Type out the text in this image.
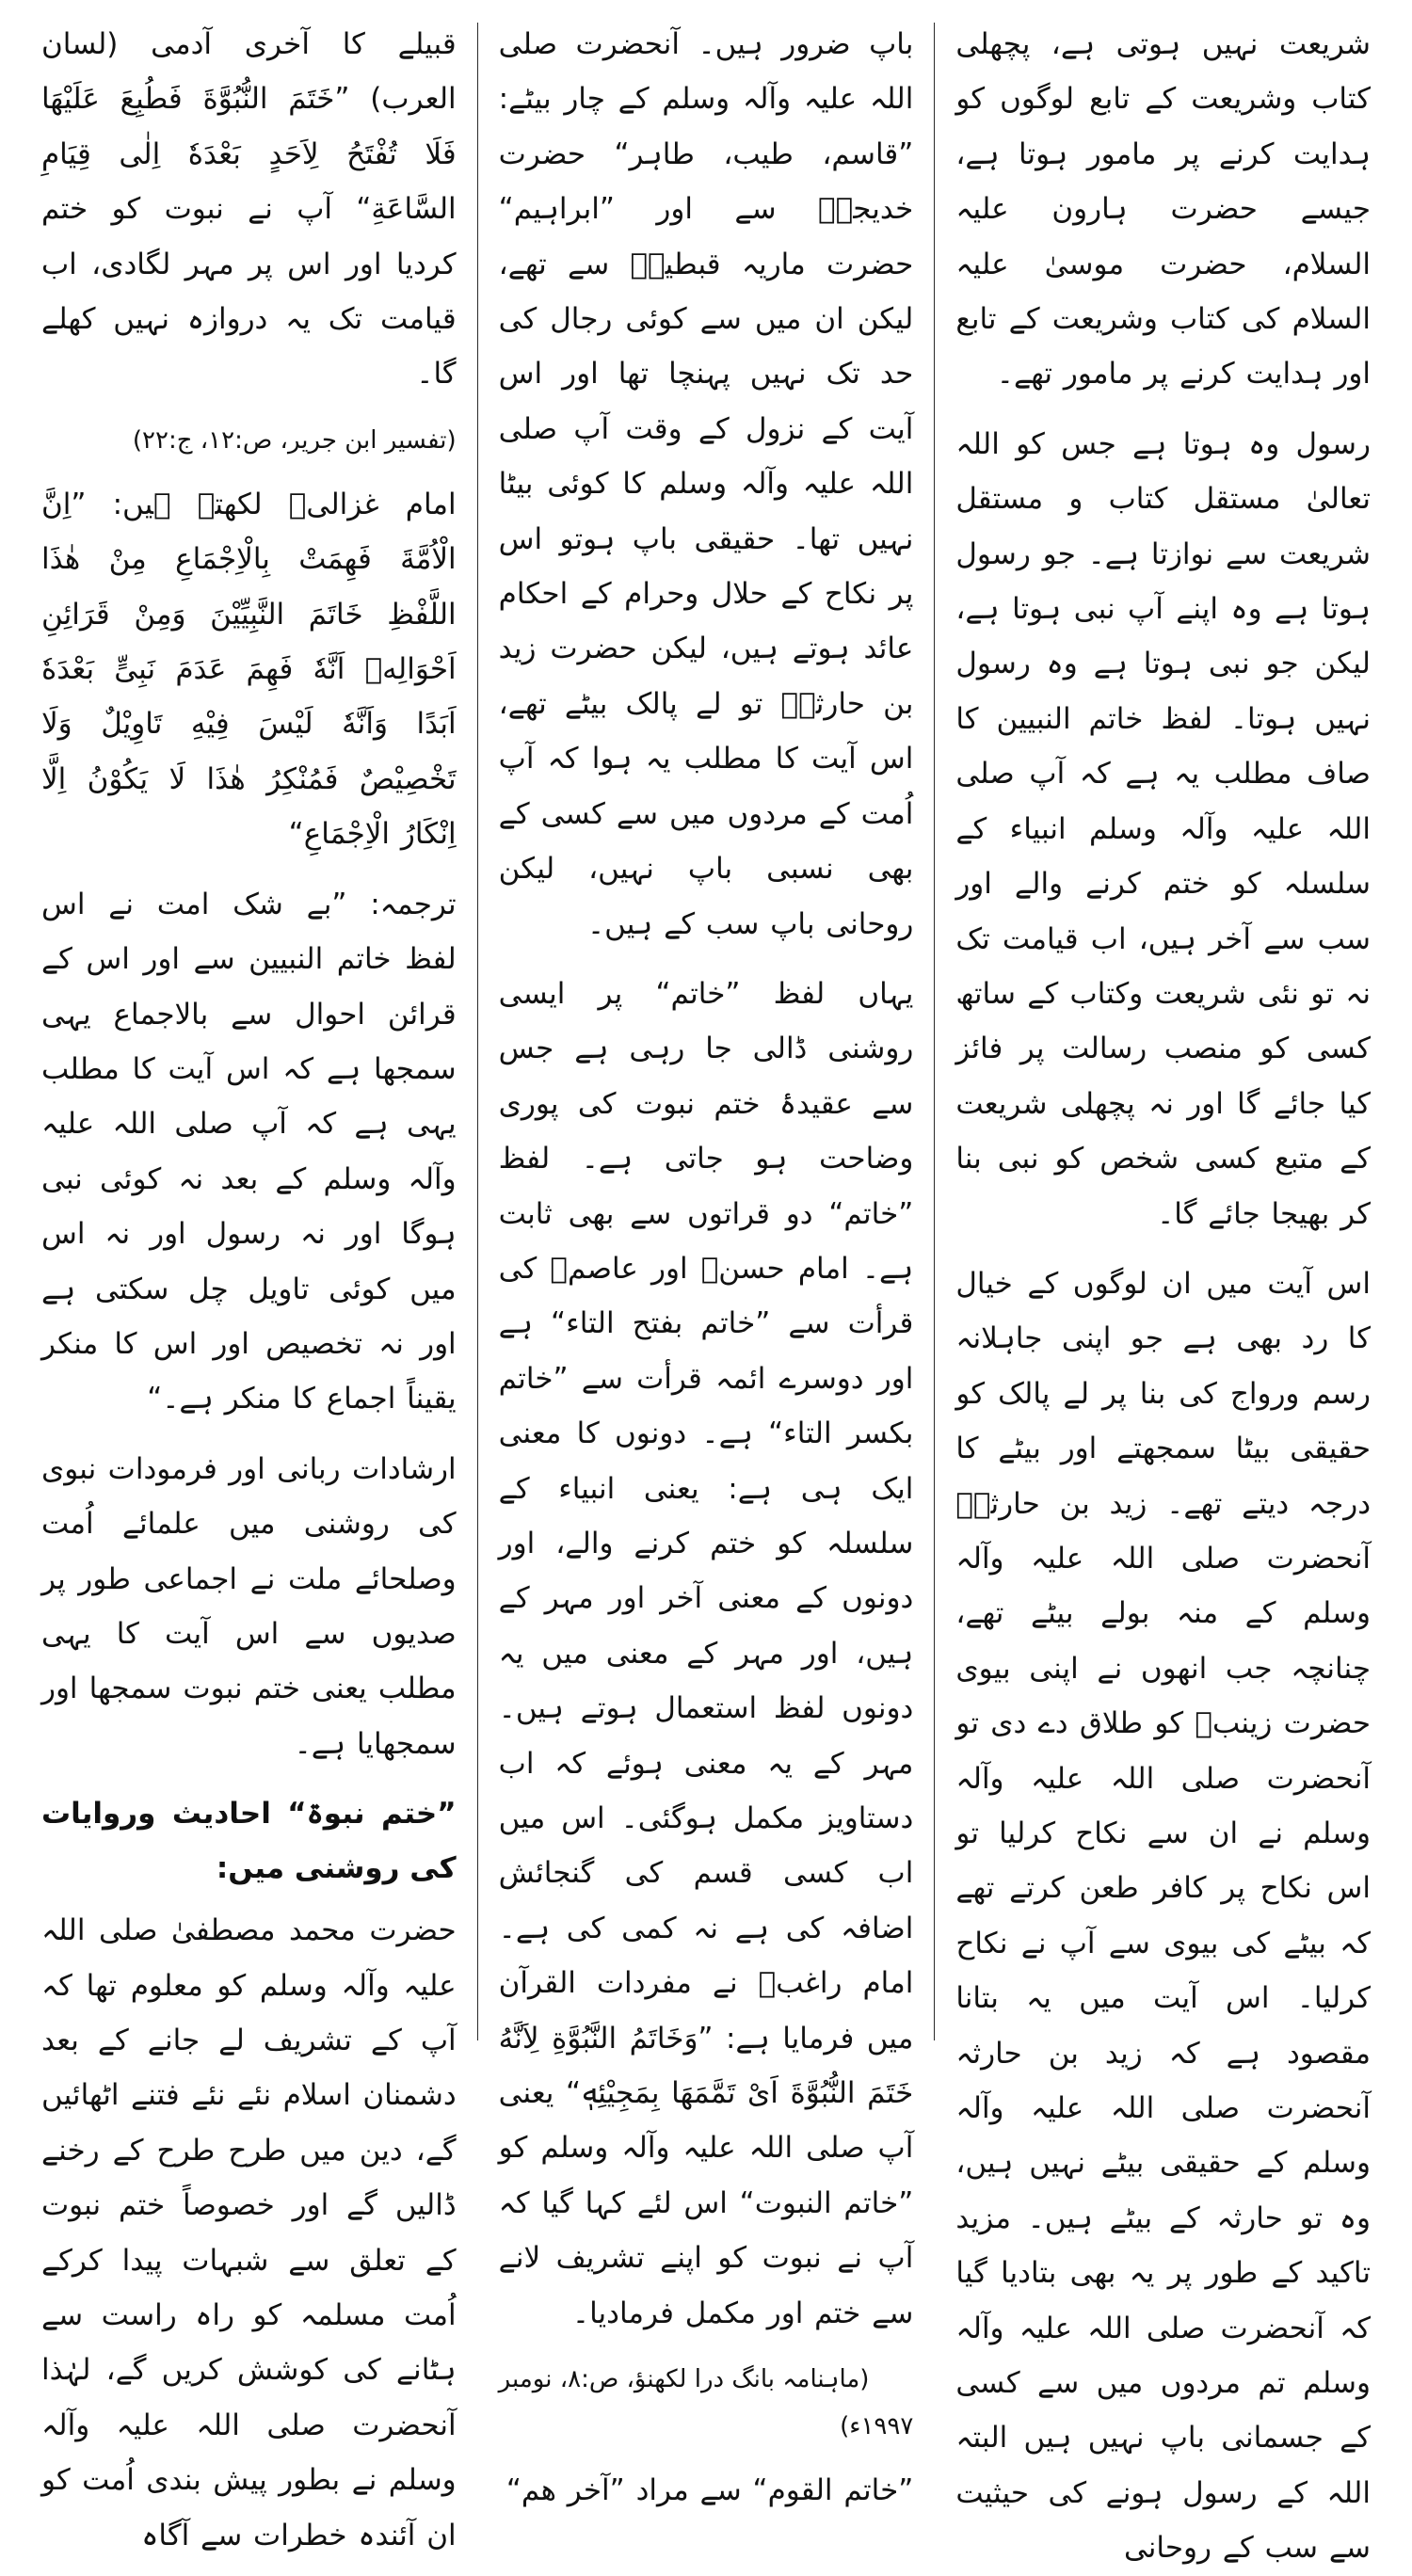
شریعت نہیں ہوتی ہے، پچھلی کتاب وشریعت کے تابع لوگوں کو ہدایت کرنے پر مامور ہوتا ہے، جیسے حضرت ہارون علیہ السلام، حضرت موسیٰ علیہ السلام کی کتاب وشریعت کے تابع اور ہدایت کرنے پر مامور تھے۔

رسول وہ ہوتا ہے جس کو اللہ تعالیٰ مستقل کتاب و مستقل شریعت سے نوازتا ہے۔ جو رسول ہوتا ہے وہ اپنے آپ نبی ہوتا ہے، لیکن جو نبی ہوتا ہے وہ رسول نہیں ہوتا۔ لفظ خاتم النبیین کا صاف مطلب یہ ہے کہ آپ صلی اللہ علیہ وآلہ وسلم انبیاء کے سلسلہ کو ختم کرنے والے اور سب سے آخر ہیں، اب قیامت تک نہ تو نئی شریعت وکتاب کے ساتھ کسی کو منصب رسالت پر فائز کیا جائے گا اور نہ پچھلی شریعت کے متبع کسی شخص کو نبی بنا کر بھیجا جائے گا۔

اس آیت میں ان لوگوں کے خیال کا رد بھی ہے جو اپنی جاہلانہ رسم ورواج کی بنا پر لے پالک کو حقیقی بیٹا سمجھتے اور بیٹے کا درجہ دیتے تھے۔ زید بن حارثہؓ آنحضرت صلی اللہ علیہ وآلہ وسلم کے منہ بولے بیٹے تھے، چنانچہ جب انھوں نے اپنی بیوی حضرت زینبؓ کو طلاق دے دی تو آنحضرت صلی اللہ علیہ وآلہ وسلم نے ان سے نکاح کرلیا تو اس نکاح پر کافر طعن کرتے تھے کہ بیٹے کی بیوی سے آپ نے نکاح کرلیا۔ اس آیت میں یہ بتانا مقصود ہے کہ زید بن حارثہ آنحضرت صلی اللہ علیہ وآلہ وسلم کے حقیقی بیٹے نہیں ہیں، وہ تو حارثہ کے بیٹے ہیں۔ مزید تاکید کے طور پر یہ بھی بتادیا گیا کہ آنحضرت صلی اللہ علیہ وآلہ وسلم تم مردوں میں سے کسی کے جسمانی باپ نہیں ہیں البتہ اللہ کے رسول ہونے کی حیثیت سے سب کے روحانی

باپ ضرور ہیں۔ آنحضرت صلی اللہ علیہ وآلہ وسلم کے چار بیٹے: ”قاسم، طیب، طاہر“ حضرت خدیجہؓ سے اور ”ابراہیم“ حضرت ماریہ قبطیہؓ سے تھے، لیکن ان میں سے کوئی رجال کی حد تک نہیں پہنچا تھا اور اس آیت کے نزول کے وقت آپ صلی اللہ علیہ وآلہ وسلم کا کوئی بیٹا نہیں تھا۔ حقیقی باپ ہوتو اس پر نکاح کے حلال وحرام کے احکام عائد ہوتے ہیں، لیکن حضرت زید بن حارثہؓ تو لے پالک بیٹے تھے، اس آیت کا مطلب یہ ہوا کہ آپ اُمت کے مردوں میں سے کسی کے بھی نسبی باپ نہیں، لیکن روحانی باپ سب کے ہیں۔

یہاں لفظ ”خاتم“ پر ایسی روشنی ڈالی جا رہی ہے جس سے عقیدۂ ختم نبوت کی پوری وضاحت ہو جاتی ہے۔ لفظ ”خاتم“ دو قراتوں سے بھی ثابت ہے۔ امام حسنؒ اور عاصمؒ کی قرأت سے ”خاتم بفتح التاء“ ہے اور دوسرے ائمہ قرأت سے ”خاتم بکسر التاء“ ہے۔ دونوں کا معنی ایک ہی ہے: یعنی انبیاء کے سلسلہ کو ختم کرنے والے، اور دونوں کے معنی آخر اور مہر کے ہیں، اور مہر کے معنی میں یہ دونوں لفظ استعمال ہوتے ہیں۔ مہر کے یہ معنی ہوئے کہ اب دستاویز مکمل ہوگئی۔ اس میں اب کسی قسم کی گنجائش اضافہ کی ہے نہ کمی کی ہے۔ امام راغبؒ نے مفردات القرآن میں فرمایا ہے: ”وَخَاتَمُ النَّبُوَّةِ لِاَنَّهُ خَتَمَ النُّبُوَّةَ اَیْ تَمَّمَهَا بِمَجِیْئِهٖ“ یعنی آپ صلی اللہ علیہ وآلہ وسلم کو ”خاتم النبوت“ اس لئے کہا گیا کہ آپ نے نبوت کو اپنے تشریف لانے سے ختم اور مکمل فرمادیا۔

(ماہنامہ بانگ درا لکھنؤ، ص:۸، نومبر ۱۹۹۷ء)

”خاتم القوم“ سے مراد ”آخر ھم“

قبیلے کا آخری آدمی (لسان العرب) ”خَتَمَ النُّبُوَّةَ فَطُبِعَ عَلَیْهَا فَلَا تُفْتَحُ لِاَحَدٍ بَعْدَهٗ اِلٰی قِیَامِ السَّاعَةِ“ آپ نے نبوت کو ختم کردیا اور اس پر مہر لگادی، اب قیامت تک یہ دروازہ نہیں کھلے گا۔

(تفسیر ابن جریر، ص:۱۲، ج:۲۲)

امام غزالیؒ لکھتے ہیں: ”اِنَّ الْاُمَّةَ فَهِمَتْ بِالْاِجْمَاعِ مِنْ هٰذَا اللَّفْظِ خَاتَمَ النَّبِیِّیْنَ وَمِنْ قَرَائِنِ اَحْوَالِهٖ اَنَّهٗ فَهِمَ عَدَمَ نَبِیٍّ بَعْدَهٗ اَبَدًا وَاَنَّهٗ لَیْسَ فِیْهِ تَاوِیْلٌ وَلَا تَخْصِیْصٌ فَمُنْکِرُ هٰذَا لَا یَکُوْنُ اِلَّا اِنْکَارُ الْاِجْمَاعِ“

ترجمہ: ”بے شک امت نے اس لفظ خاتم النبیین سے اور اس کے قرائن احوال سے بالاجماع یہی سمجھا ہے کہ اس آیت کا مطلب یہی ہے کہ آپ صلی اللہ علیہ وآلہ وسلم کے بعد نہ کوئی نبی ہوگا اور نہ رسول اور نہ اس میں کوئی تاویل چل سکتی ہے اور نہ تخصیص اور اس کا منکر یقیناً اجماع کا منکر ہے۔“

ارشادات ربانی اور فرمودات نبوی کی روشنی میں علمائے اُمت وصلحائے ملت نے اجماعی طور پر صدیوں سے اس آیت کا یہی مطلب یعنی ختم نبوت سمجھا اور سمجھایا ہے۔

”ختم نبوۃ“ احادیث وروایات کی روشنی میں:

حضرت محمد مصطفیٰ صلی اللہ علیہ وآلہ وسلم کو معلوم تھا کہ آپ کے تشریف لے جانے کے بعد دشمنان اسلام نئے نئے فتنے اٹھائیں گے، دین میں طرح طرح کے رخنے ڈالیں گے اور خصوصاً ختم نبوت کے تعلق سے شبہات پیدا کرکے اُمت مسلمہ کو راہ راست سے ہٹانے کی کوشش کریں گے، لہٰذا آنحضرت صلی اللہ علیہ وآلہ وسلم نے بطور پیش بندی اُمت کو ان آئندہ خطرات سے آگاہ
